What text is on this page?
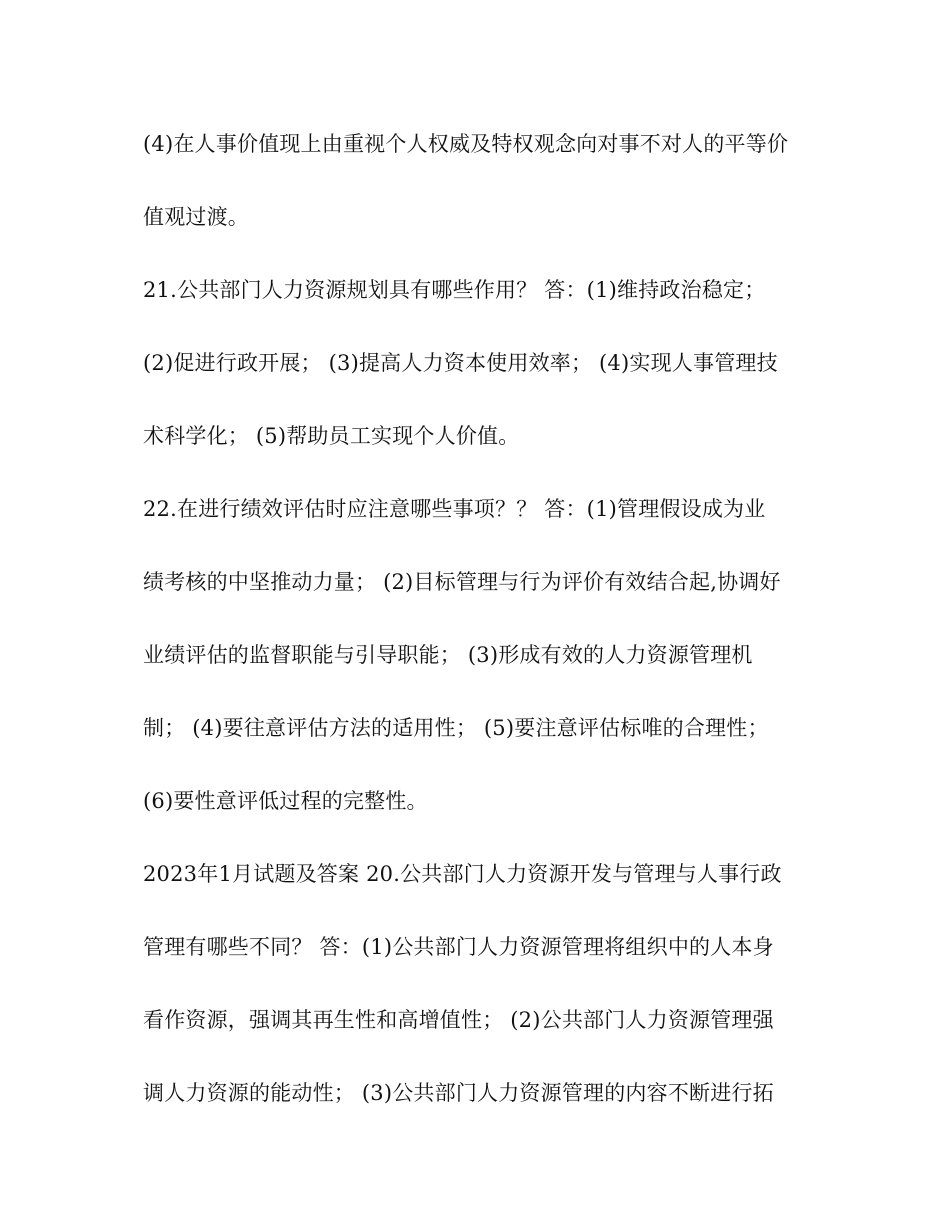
(4)在人事价值现上由重视个人权威及特权观念向对事不对人的平等价
值观过渡。
21.公共部门人力资源规划具有哪些作用？ 答：(1)维持政治稳定；
(2)促进行政开展； (3)提高人力资本使用效率； (4)实现人事管理技
术科学化； (5)帮助员工实现个人价值。
22.在进行绩效评估时应注意哪些事项？？ 答：(1)管理假设成为业
绩考核的中坚推动力量； (2)目标管理与行为评价有效结合起,协调好
业绩评估的监督职能与引导职能； (3)形成有效的人力资源管理机
制； (4)要往意评估方法的适用性； (5)要注意评估标唯的合理性；
(6)要性意评低过程的完整性。
2023年1月试题及答案 20.公共部门人力资源开发与管理与人事行政
管理有哪些不同？ 答：(1)公共部门人力资源管理将组织中的人本身
看作资源，强调其再生性和高增值性； (2)公共部门人力资源管理强
调人力资源的能动性； (3)公共部门人力资源管理的内容不断进行拓
